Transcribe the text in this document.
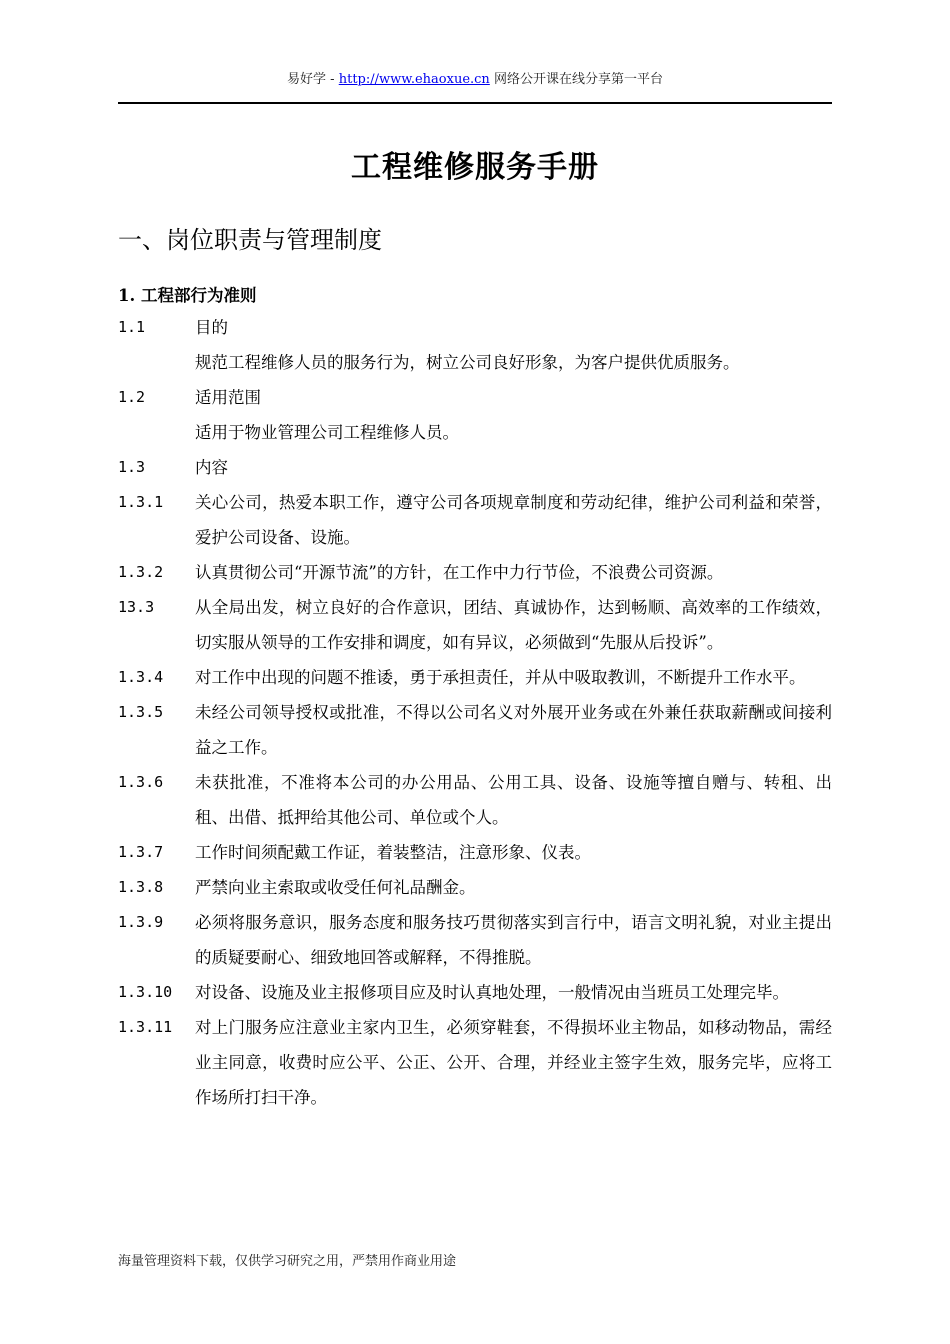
易好学 - http://www.ehaoxue.cn 网络公开课在线分享第一平台
工程维修服务手册
一、岗位职责与管理制度
1. 工程部行为准则
1.1	目的
规范工程维修人员的服务行为，树立公司良好形象，为客户提供优质服务。
1.2	适用范围
适用于物业管理公司工程维修人员。
1.3	内容
1.3.1	关心公司，热爱本职工作，遵守公司各项规章制度和劳动纪律，维护公司利益和荣誉，爱护公司设备、设施。
1.3.2	认真贯彻公司“开源节流”的方针，在工作中力行节俭，不浪费公司资源。
13.3	从全局出发，树立良好的合作意识，团结、真诚协作，达到畅顺、高效率的工作绩效，切实服从领导的工作安排和调度，如有异议，必须做到“先服从后投诉”。
1.3.4	对工作中出现的问题不推诿，勇于承担责任，并从中吸取教训，不断提升工作水平。
1.3.5	未经公司领导授权或批准，不得以公司名义对外展开业务或在外兼任获取薪酬或间接利益之工作。
1.3.6	未获批准，不准将本公司的办公用品、公用工具、设备、设施等擅自赠与、转租、出租、出借、抵押给其他公司、单位或个人。
1.3.7	工作时间须配戴工作证，着装整洁，注意形象、仪表。
1.3.8	严禁向业主索取或收受任何礼品酬金。
1.3.9	必须将服务意识，服务态度和服务技巧贯彻落实到言行中，语言文明礼貌，对业主提出的质疑要耐心、细致地回答或解释，不得推脱。
1.3.10	对设备、设施及业主报修项目应及时认真地处理，一般情况由当班员工处理完毕。
1.3.11	对上门服务应注意业主家内卫生，必须穿鞋套，不得损坏业主物品，如移动物品，需经业主同意，收费时应公平、公正、公开、合理，并经业主签字生效，服务完毕，应将工作场所打扫干净。
海量管理资料下载，仅供学习研究之用，严禁用作商业用途
